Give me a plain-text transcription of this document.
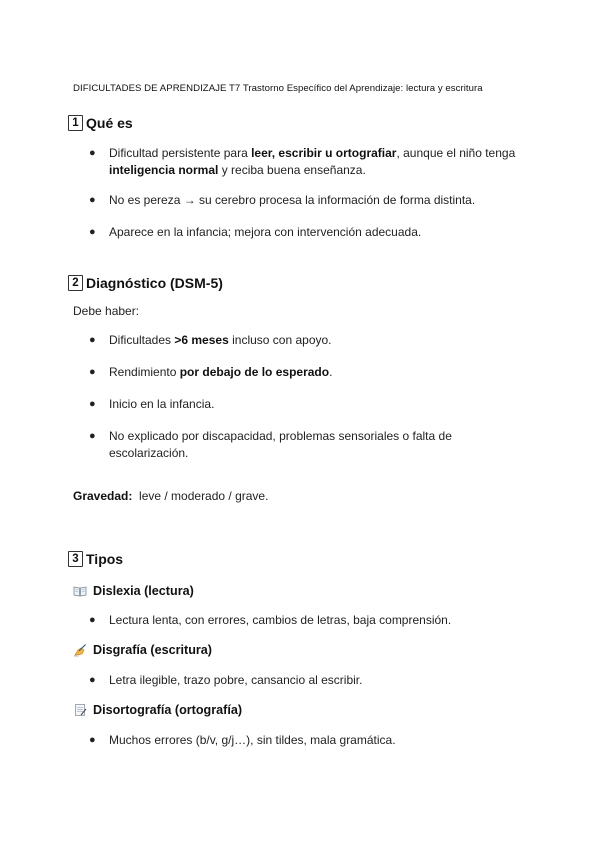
DIFICULTADES DE APRENDIZAJE T7 Trastorno Específico del Aprendizaje: lectura y escritura
1 Qué es
● Dificultad persistente para leer, escribir u ortografiar, aunque el niño tenga
inteligencia normal y reciba buena enseñanza.
● No es pereza → su cerebro procesa la información de forma distinta.
● Aparece en la infancia; mejora con intervención adecuada.
2 Diagnóstico (DSM-5)
Debe haber:
● Dificultades >6 meses incluso con apoyo.
● Rendimiento por debajo de lo esperado.
● Inicio en la infancia.
● No explicado por discapacidad, problemas sensoriales o falta de
escolarización.
Gravedad: leve / moderado / grave.
3 Tipos
Dislexia (lectura)
● Lectura lenta, con errores, cambios de letras, baja comprensión.
Disgrafía (escritura)
● Letra ilegible, trazo pobre, cansancio al escribir.
Disortografía (ortografía)
● Muchos errores (b/v, g/j…), sin tildes, mala gramática.
